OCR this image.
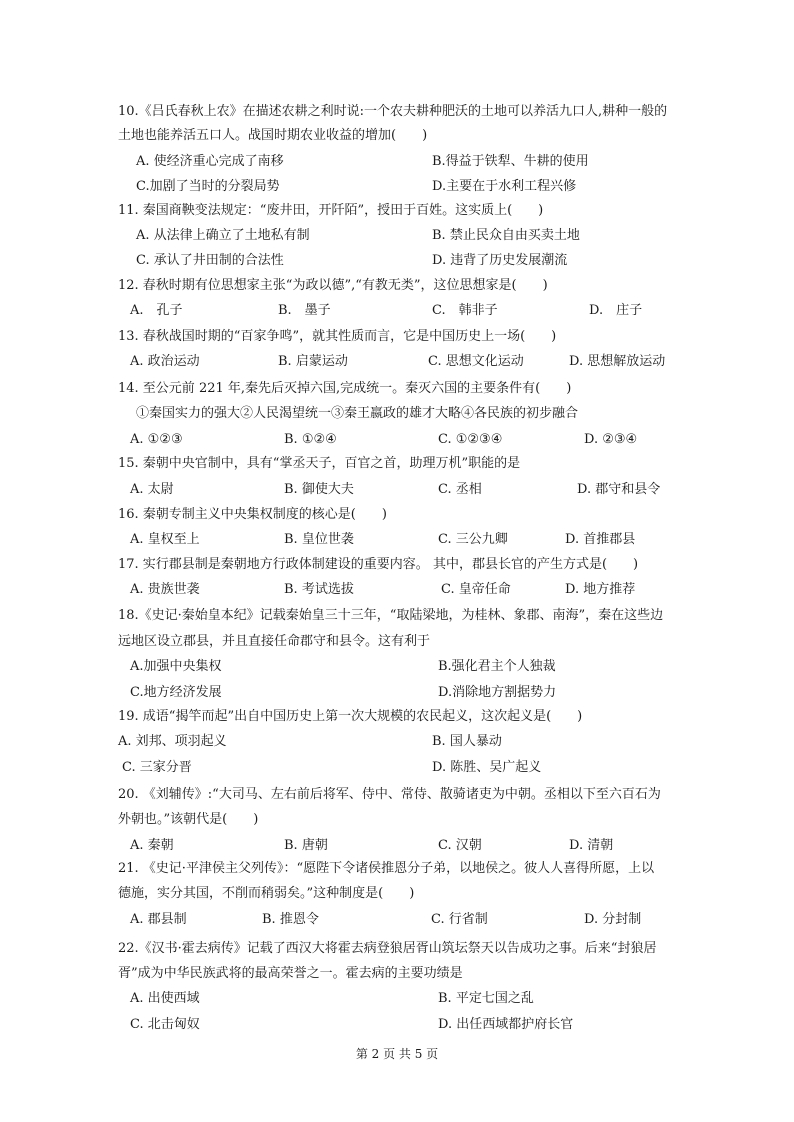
10.《吕氏春秋上农》在描述农耕之利时说:一个农夫耕种肥沃的土地可以养活九口人,耕种一般的
土地也能养活五口人。战国时期农业收益的增加(　　)
A. 使经济重心完成了南移	B.得益于铁犁、牛耕的使用
C.加剧了当时的分裂局势	D.主要在于水利工程兴修
11. 秦国商鞅变法规定：“废井田，开阡陌”，授田于百姓。这实质上(　　)
A. 从法律上确立了土地私有制	B. 禁止民众自由买卖土地
C. 承认了井田制的合法性	D. 违背了历史发展潮流
12. 春秋时期有位思想家主张“为政以德”,“有教无类”，这位思想家是(　　)
A.　孔子	B.　墨子	C.　韩非子	D.　庄子
13. 春秋战国时期的“百家争鸣”，就其性质而言，它是中国历史上一场(　　)
A. 政治运动	B. 启蒙运动	C. 思想文化运动	D. 思想解放运动
14. 至公元前 221 年,秦先后灭掉六国,完成统一。秦灭六国的主要条件有(　　)
①秦国实力的强大②人民渴望统一③秦王嬴政的雄才大略④各民族的初步融合
A. ①②③	B. ①②④	C. ①②③④	D. ②③④
15. 秦朝中央官制中，具有“掌丞天子，百官之首，助理万机”职能的是
A. 太尉	B. 御使大夫	C. 丞相	D. 郡守和县令
16. 秦朝专制主义中央集权制度的核心是(　　)
A. 皇权至上	B. 皇位世袭	C. 三公九卿	D. 首推郡县
17. 实行郡县制是秦朝地方行政体制建设的重要内容。 其中，郡县长官的产生方式是(　　)
A. 贵族世袭	B. 考试选拔	C. 皇帝任命	D. 地方推荐
18.《史记·秦始皇本纪》记载秦始皇三十三年，“取陆梁地，为桂林、象郡、南海”，秦在这些边
远地区设立郡县，并且直接任命郡守和县令。这有利于
A.加强中央集权	B.强化君主个人独裁
C.地方经济发展	D.消除地方割据势力
19. 成语“揭竿而起”出自中国历史上第一次大规模的农民起义，这次起义是(　　)
A. 刘邦、项羽起义	B. 国人暴动
C. 三家分晋	D. 陈胜、吴广起义
20. 《刘辅传》:“大司马、左右前后将军、侍中、常侍、散骑诸吏为中朝。丞相以下至六百石为
外朝也。”该朝代是(　　)
A. 秦朝	B. 唐朝	C. 汉朝	D. 清朝
21. 《史记·平津侯主父列传》：“愿陛下令诸侯推恩分子弟，以地侯之。彼人人喜得所愿，上以
德施，实分其国，不削而稍弱矣。”这种制度是(　　)
A. 郡县制	B. 推恩令	C. 行省制	D. 分封制
22.《汉书·霍去病传》记载了西汉大将霍去病登狼居胥山筑坛祭天以告成功之事。后来“封狼居
胥”成为中华民族武将的最高荣誉之一。霍去病的主要功绩是
A. 出使西域	B. 平定七国之乱
C. 北击匈奴	D. 出任西域都护府长官
第 2 页 共 5 页
